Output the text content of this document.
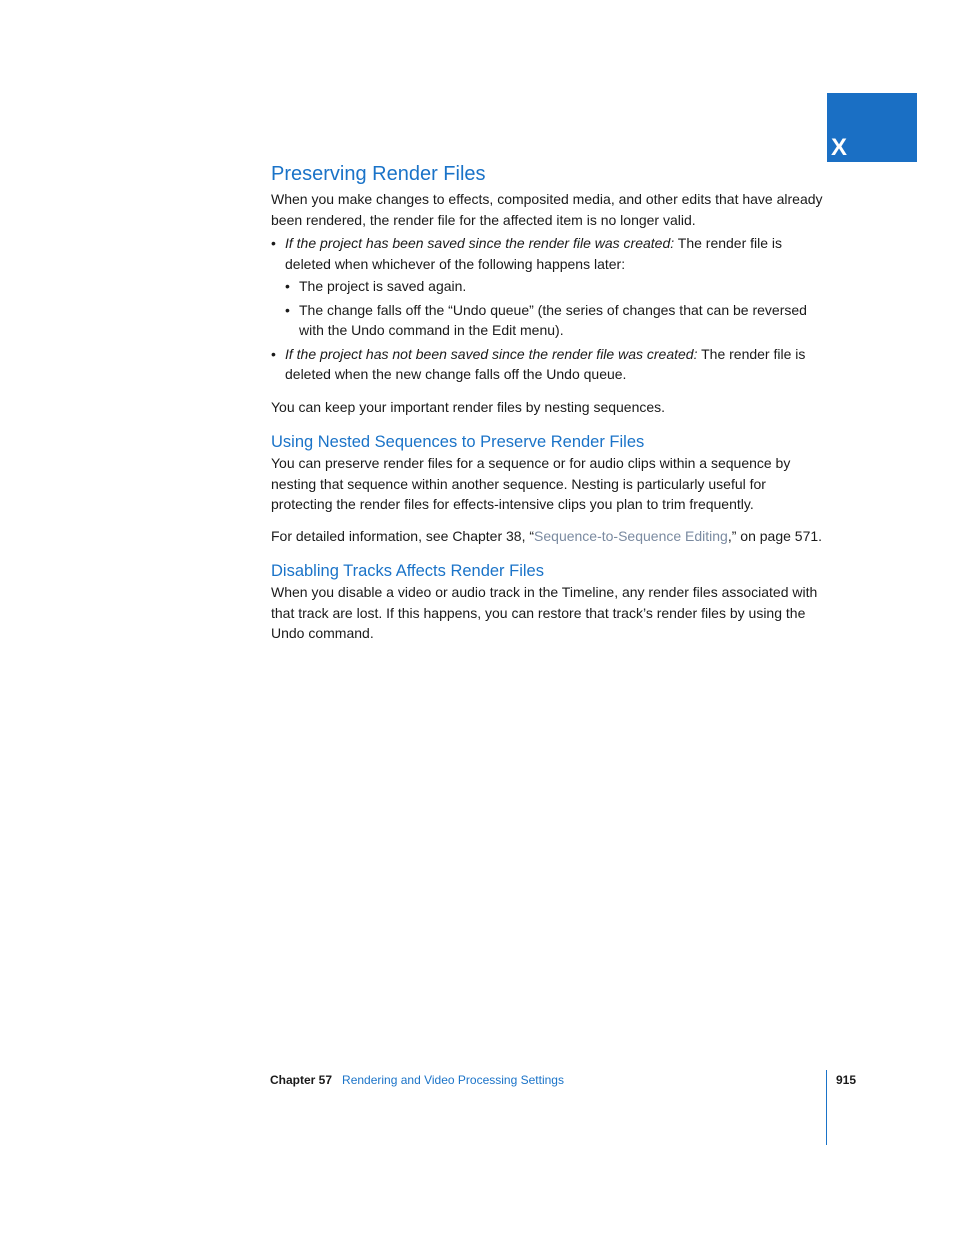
X
Preserving Render Files

When you make changes to effects, composited media, and other edits that have already been rendered, the render file for the affected item is no longer valid.

• If the project has been saved since the render file was created: The render file is deleted when whichever of the following happens later:
• The project is saved again.
• The change falls off the “Undo queue” (the series of changes that can be reversed with the Undo command in the Edit menu).
• If the project has not been saved since the render file was created: The render file is deleted when the new change falls off the Undo queue.

You can keep your important render files by nesting sequences.

Using Nested Sequences to Preserve Render Files

You can preserve render files for a sequence or for audio clips within a sequence by nesting that sequence within another sequence. Nesting is particularly useful for protecting the render files for effects-intensive clips you plan to trim frequently.

For detailed information, see Chapter 38, “Sequence-to-Sequence Editing,” on page 571.

Disabling Tracks Affects Render Files

When you disable a video or audio track in the Timeline, any render files associated with that track are lost. If this happens, you can restore that track’s render files by using the Undo command.

Chapter 57 Rendering and Video Processing Settings	915
